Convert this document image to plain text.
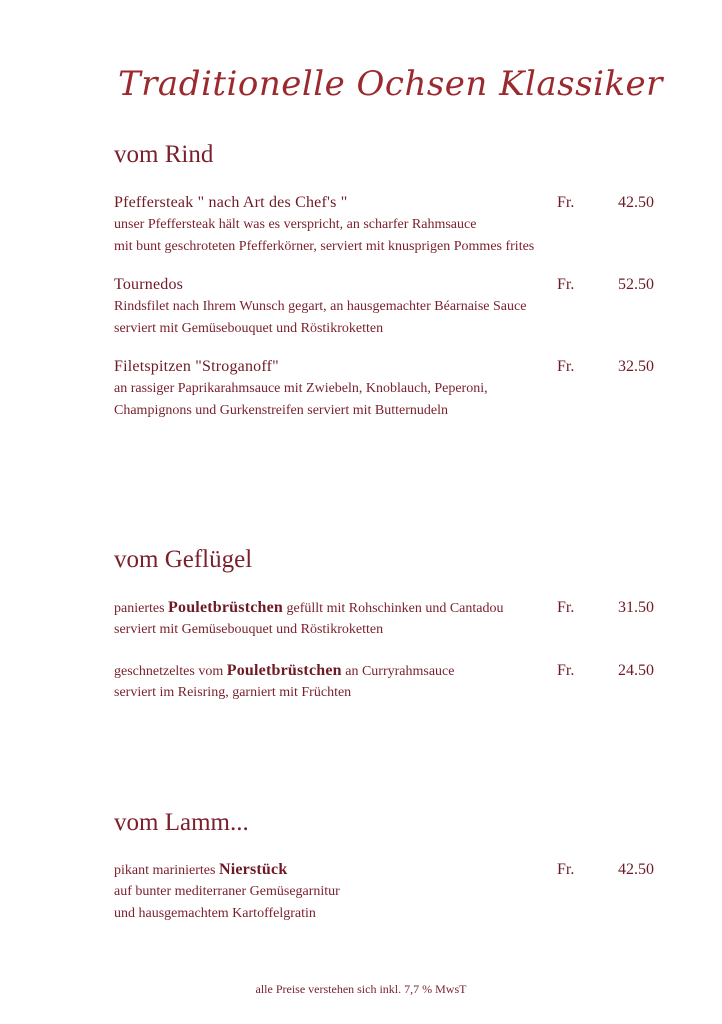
Traditionelle Ochsen Klassiker
vom Rind
Pfeffersteak " nach Art des Chef's "	Fr.	42.50
unser Pfeffersteak hält was es verspricht, an scharfer Rahmsauce
mit bunt geschroteten Pfefferkörner, serviert mit knusprigen Pommes frites
Tournedos	Fr.	52.50
Rindsfilet nach Ihrem Wunsch gegart, an hausgemachter Béarnaise Sauce
serviert mit Gemüsebouquet und Röstikroketten
Filetspitzen "Stroganoff"	Fr.	32.50
an rassiger Paprikarahmsauce mit Zwiebeln, Knoblauch, Peperoni,
Champignons und Gurkenstreifen serviert mit Butternudeln
vom Geflügel
paniertes Pouletbrüstchen gefüllt mit Rohschinken und Cantadou	Fr.	31.50
serviert mit Gemüsebouquet und Röstikroketten
geschnetzeltes vom Pouletbrüstchen an Curryrahmsauce	Fr.	24.50
serviert im Reisring, garniert mit Früchten
vom Lamm...
pikant mariniertes Nierstück	Fr.	42.50
auf bunter mediterraner Gemüsegarnitur
und hausgemachtem Kartoffelgratin
alle Preise verstehen sich inkl. 7,7 % MwsT
